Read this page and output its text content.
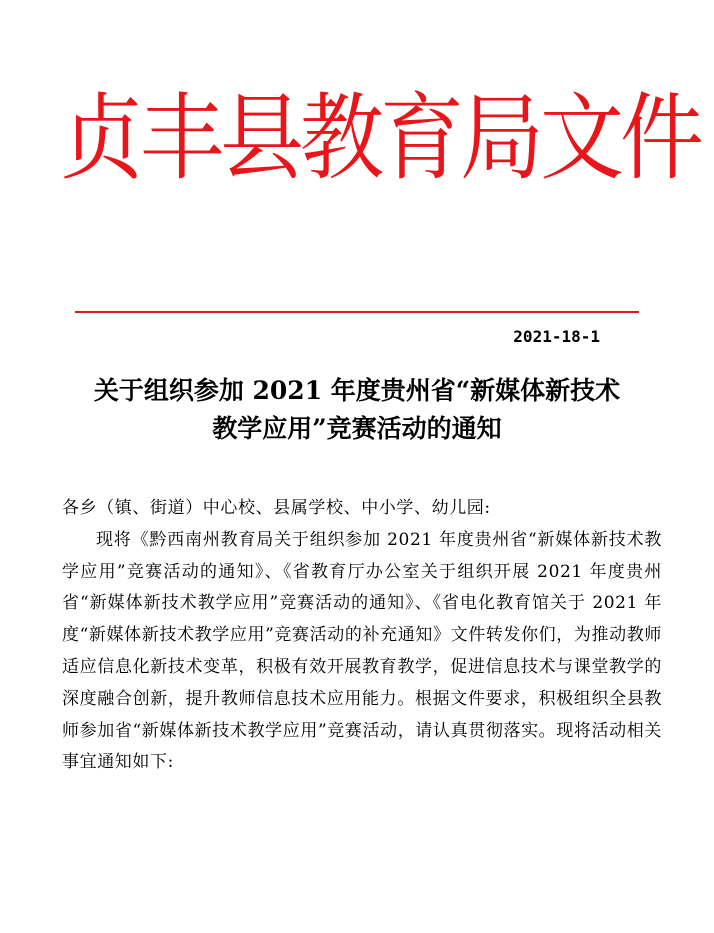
贞丰县教育局文件
2021-18-1
关于组织参加 2021 年度贵州省“新媒体新技术
教学应用”竞赛活动的通知
各乡（镇、街道）中心校、县属学校、中小学、幼儿园:
现将《黔西南州教育局关于组织参加 2021 年度贵州省“新媒体新技术教学应用”竞赛活动的通知》、《省教育厅办公室关于组织开展 2021 年度贵州省“新媒体新技术教学应用”竞赛活动的通知》、《省电化教育馆关于 2021 年度“新媒体新技术教学应用”竞赛活动的补充通知》文件转发你们，为推动教师适应信息化新技术变革，积极有效开展教育教学，促进信息技术与课堂教学的深度融合创新，提升教师信息技术应用能力。根据文件要求，积极组织全县教师参加省“新媒体新技术教学应用”竞赛活动，请认真贯彻落实。现将活动相关事宜通知如下:
